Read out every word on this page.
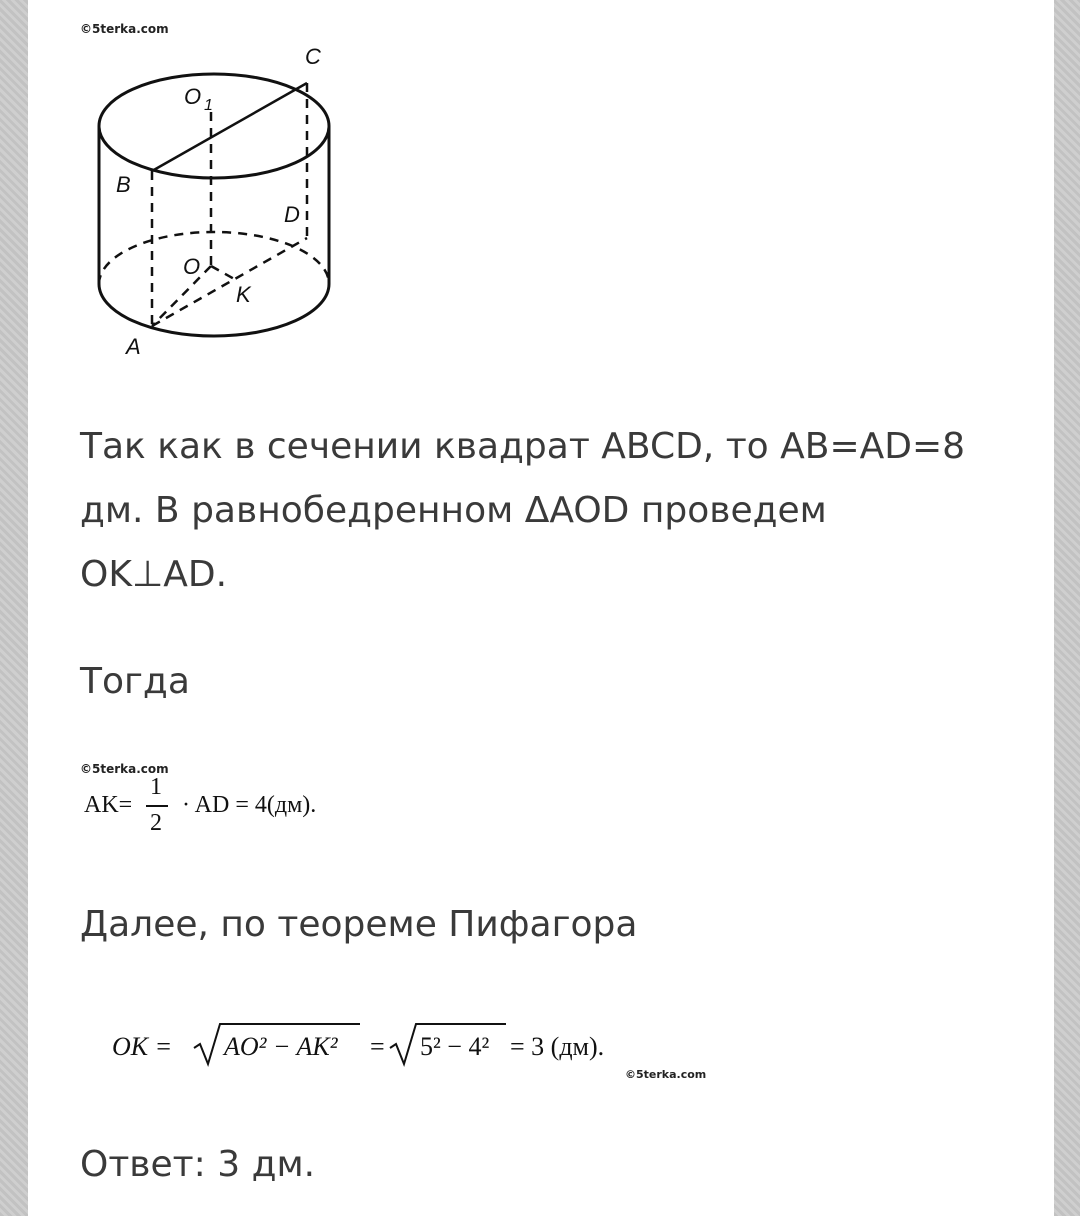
©5terka.com
C
O 1
B
D
O
K
A

Так как в сечении квадрат ABCD, то AB=AD=8
дм. В равнобедренном ΔAOD проведем
OK⊥AD.

Тогда

©5terka.com
AK=
1
2
· AD = 4(дм).

Далее, по теореме Пифагора

OK = AO² − AK² = 5² − 4² = 3 (дм).
©5terka.com

Ответ: 3 дм.
